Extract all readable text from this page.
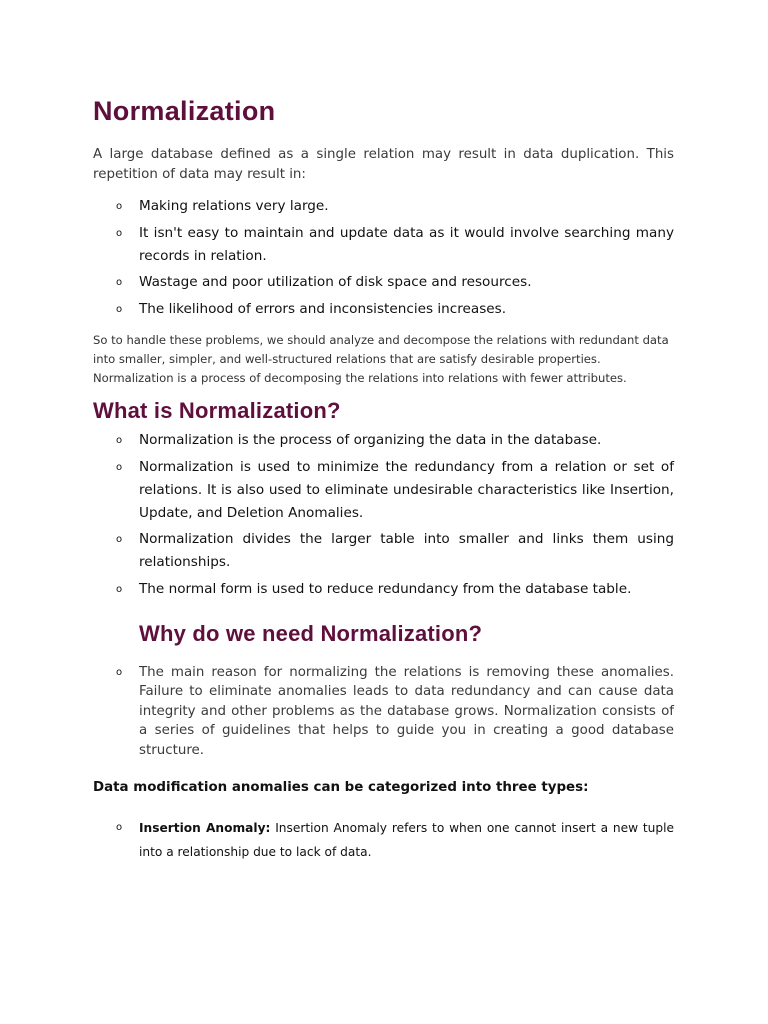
Normalization

A large database defined as a single relation may result in data duplication. This repetition of data may result in:

o Making relations very large.
o It isn't easy to maintain and update data as it would involve searching many records in relation.
o Wastage and poor utilization of disk space and resources.
o The likelihood of errors and inconsistencies increases.

So to handle these problems, we should analyze and decompose the relations with redundant data into smaller, simpler, and well-structured relations that are satisfy desirable properties. Normalization is a process of decomposing the relations into relations with fewer attributes.

What is Normalization?
o Normalization is the process of organizing the data in the database.
o Normalization is used to minimize the redundancy from a relation or set of relations. It is also used to eliminate undesirable characteristics like Insertion, Update, and Deletion Anomalies.
o Normalization divides the larger table into smaller and links them using relationships.
o The normal form is used to reduce redundancy from the database table.
Why do we need Normalization?
o The main reason for normalizing the relations is removing these anomalies. Failure to eliminate anomalies leads to data redundancy and can cause data integrity and other problems as the database grows. Normalization consists of a series of guidelines that helps to guide you in creating a good database structure.

Data modification anomalies can be categorized into three types:

o Insertion Anomaly: Insertion Anomaly refers to when one cannot insert a new tuple into a relationship due to lack of data.
